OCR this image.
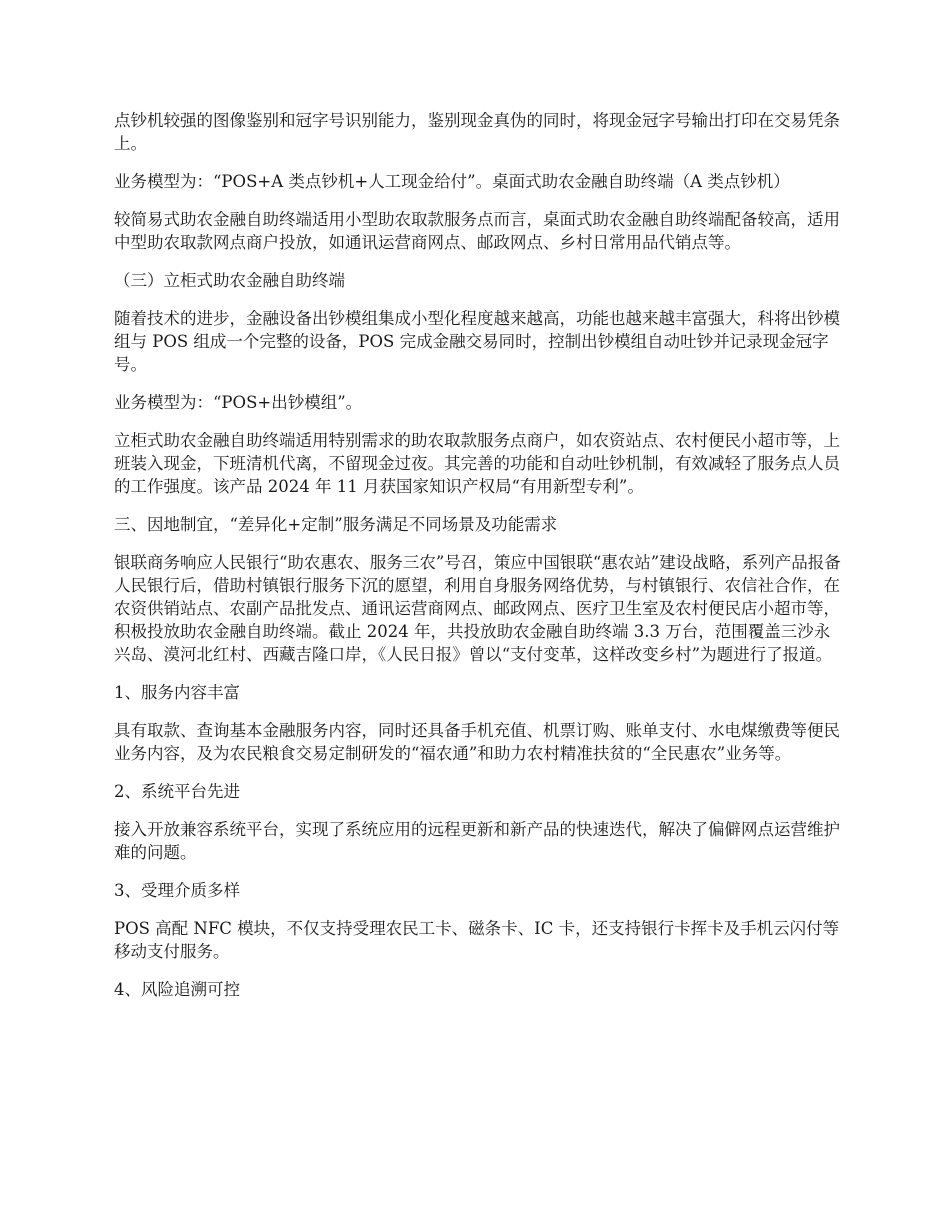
点钞机较强的图像鉴别和冠字号识别能力，鉴别现金真伪的同时，将现金冠字号输出打印在交易凭条上。

业务模型为：“POS+A 类点钞机+人工现金给付”。桌面式助农金融自助终端（A 类点钞机）

较简易式助农金融自助终端适用小型助农取款服务点而言，桌面式助农金融自助终端配备较高，适用中型助农取款网点商户投放，如通讯运营商网点、邮政网点、乡村日常用品代销点等。

（三）立柜式助农金融自助终端

随着技术的进步，金融设备出钞模组集成小型化程度越来越高，功能也越来越丰富强大，科将出钞模组与 POS 组成一个完整的设备，POS 完成金融交易同时，控制出钞模组自动吐钞并记录现金冠字号。

业务模型为：“POS+出钞模组”。

立柜式助农金融自助终端适用特别需求的助农取款服务点商户，如农资站点、农村便民小超市等，上班装入现金，下班清机代离，不留现金过夜。其完善的功能和自动吐钞机制，有效减轻了服务点人员的工作强度。该产品 2024 年 11 月获国家知识产权局“有用新型专利”。

三、因地制宜，“差异化+定制”服务满足不同场景及功能需求

银联商务响应人民银行“助农惠农、服务三农”号召，策应中国银联“惠农站”建设战略，系列产品报备人民银行后，借助村镇银行服务下沉的愿望，利用自身服务网络优势，与村镇银行、农信社合作，在农资供销站点、农副产品批发点、通讯运营商网点、邮政网点、医疗卫生室及农村便民店小超市等，积极投放助农金融自助终端。截止 2024 年，共投放助农金融自助终端 3.3 万台，范围覆盖三沙永兴岛、漠河北红村、西藏吉隆口岸，《人民日报》曾以“支付变革，这样改变乡村”为题进行了报道。

1、服务内容丰富

具有取款、查询基本金融服务内容，同时还具备手机充值、机票订购、账单支付、水电煤缴费等便民业务内容，及为农民粮食交易定制研发的“福农通”和助力农村精准扶贫的“全民惠农”业务等。

2、系统平台先进

接入开放兼容系统平台，实现了系统应用的远程更新和新产品的快速迭代，解决了偏僻网点运营维护难的问题。

3、受理介质多样

POS 高配 NFC 模块，不仅支持受理农民工卡、磁条卡、IC 卡，还支持银行卡挥卡及手机云闪付等移动支付服务。

4、风险追溯可控
